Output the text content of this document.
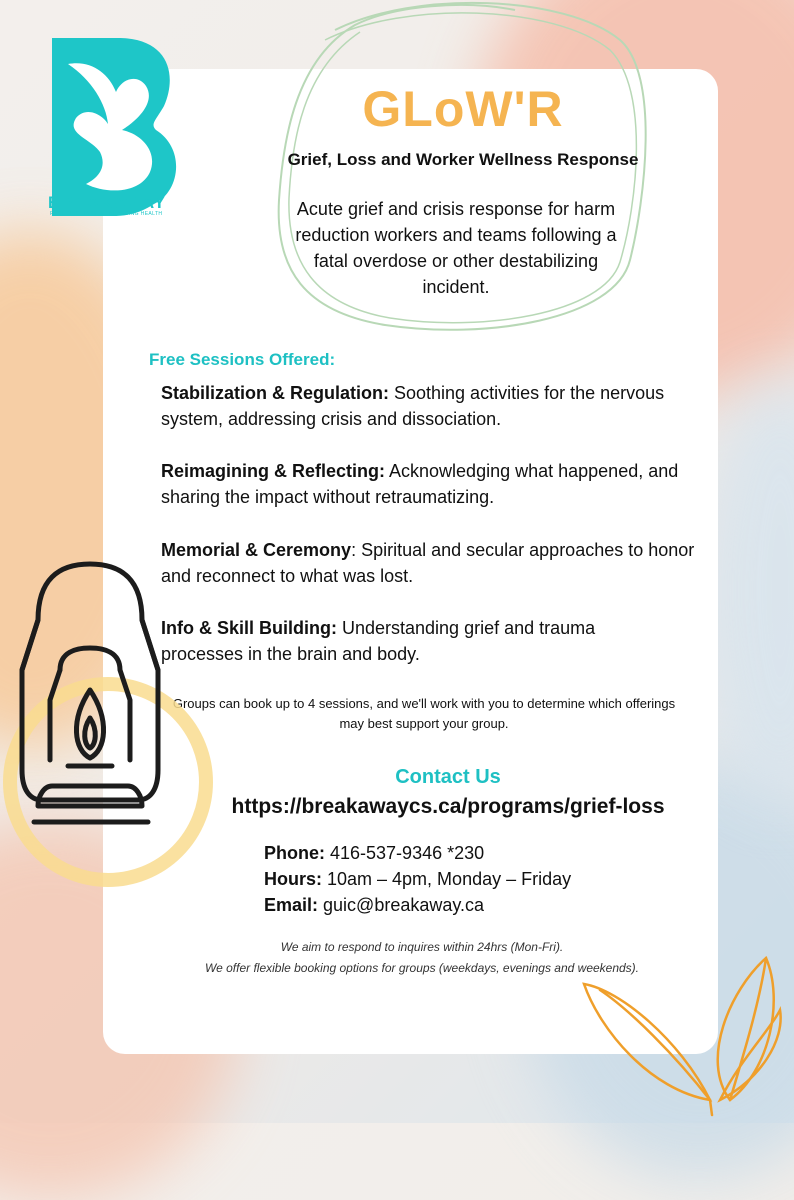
BREAKAWAY
REDUCING HARM & ENHANCING HEALTH
GLoW'R
Grief, Loss and Worker Wellness Response
Acute grief and crisis response for harm reduction workers and teams following a fatal overdose or other destabilizing incident.
Free Sessions Offered:
Stabilization & Regulation: Soothing activities for the nervous system, addressing crisis and dissociation.
Reimagining & Reflecting: Acknowledging what happened, and sharing the impact without retraumatizing.
Memorial & Ceremony: Spiritual and secular approaches to honor and reconnect to what was lost.
Info & Skill Building: Understanding grief and trauma processes in the brain and body.
Groups can book up to 4 sessions, and we'll work with you to determine which offerings may best support your group.
Contact Us
https://breakawaycs.ca/programs/grief-loss
Phone: 416-537-9346 *230
Hours: 10am – 4pm, Monday – Friday
Email: guic@breakaway.ca
We aim to respond to inquires within 24hrs (Mon-Fri).
We offer flexible booking options for groups (weekdays, evenings and weekends).
